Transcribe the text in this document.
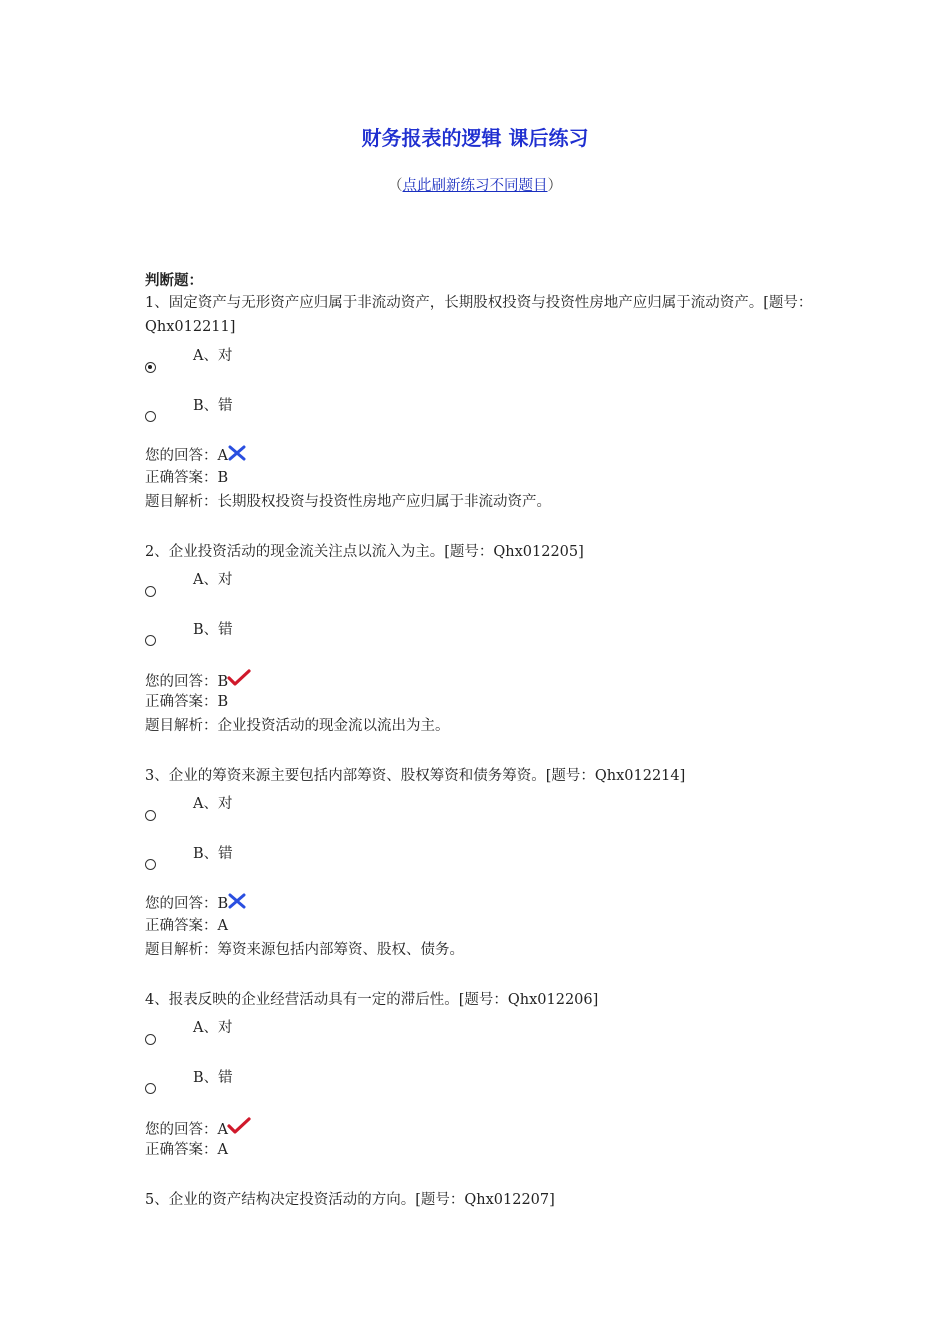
财务报表的逻辑 课后练习
（点此刷新练习不同题目）
判断题：
1、固定资产与无形资产应归属于非流动资产，长期股权投资与投资性房地产应归属于流动资产。[题号：Qhx012211]
A、对
B、错
您的回答：A
正确答案：B
题目解析：长期股权投资与投资性房地产应归属于非流动资产。
2、企业投资活动的现金流关注点以流入为主。[题号：Qhx012205]
A、对
B、错
您的回答：B
正确答案：B
题目解析：企业投资活动的现金流以流出为主。
3、企业的筹资来源主要包括内部筹资、股权筹资和债务筹资。[题号：Qhx012214]
A、对
B、错
您的回答：B
正确答案：A
题目解析：筹资来源包括内部筹资、股权、债务。
4、报表反映的企业经营活动具有一定的滞后性。[题号：Qhx012206]
A、对
B、错
您的回答：A
正确答案：A
5、企业的资产结构决定投资活动的方向。[题号：Qhx012207]
